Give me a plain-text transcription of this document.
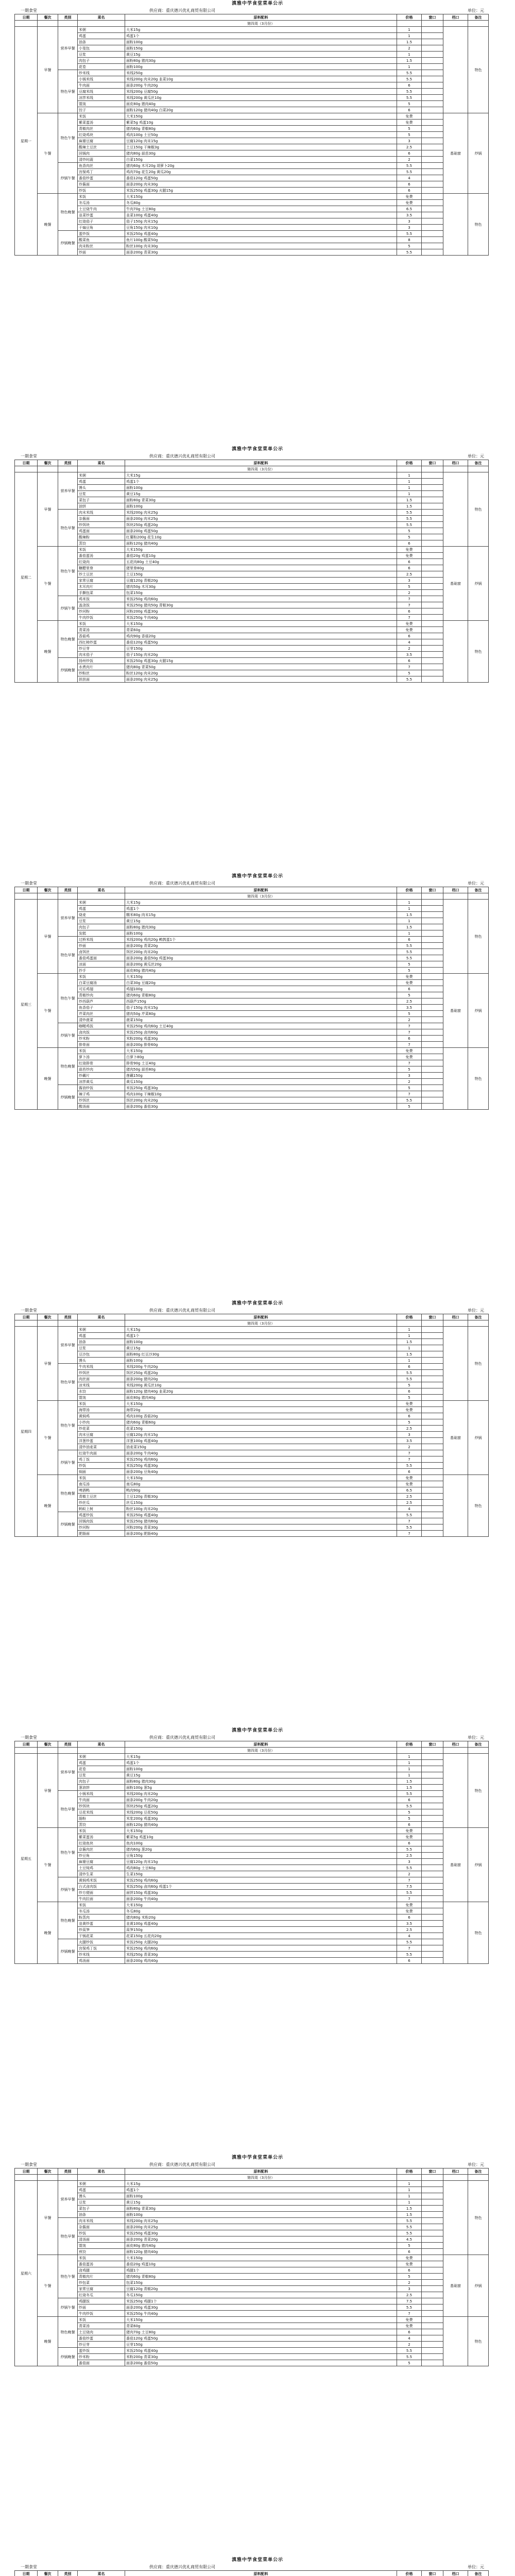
滇雅中学食堂菜单公示
一期食堂	供应商：重庆德兴优礼商贸有限公司	单位：元
日期	餐次	类别	菜名	原料配料	价格	窗口	档口	备注
				第四周（3月份）				
星期一	早餐	营养早餐	米粥	大米15g	1			特色
			鸡蛋	鸡蛋1个	1			
			油条	面粉100g	1.5			
			小笼包	面粉150g	2			
			豆浆	黄豆15g	1			
			肉包子	面粉80g 猪肉30g	1.5			
			花卷	面粉100g	1			
		特色早餐	炒米线	米线250g	5.5			
			小锅米线	米线200g 肉末20g 韭菜10g	5.5			
			牛肉面	面条200g 牛肉20g	6			
			豆腐米线	米线200g 豆腐50g	5.5			
			凉拌米线	米线200g 黄瓜丝10g	5.5			
			馄饨	面皮80g 猪肉40g	5			
			饺子	面粉120g 猪肉40g 白菜20g	6			
	午餐	特色午餐	米饭	大米150g	免费		基础窗	炒锅
			紫菜蛋汤	紫菜5g 鸡蛋10g	免费			
			青椒肉丝	猪肉60g 青椒80g	5			
			红烧鸡块	鸡肉100g 土豆50g	5			
			麻婆豆腐	豆腐120g 肉末15g	3			
			酸辣土豆丝	土豆150g 干辣椒3g	2.5			
			回锅肉	猪肉80g 蒜苗30g	6			
			清炒时蔬	白菜150g	2			
		炒锅午餐	鱼香肉丝	猪肉60g 木耳20g 胡萝卜20g	5.5			
			宫保鸡丁	鸡肉70g 花生20g 黄瓜20g	5.5			
			番茄炒蛋	番茄120g 鸡蛋50g	4			
			炸酱面	面条200g 肉末30g	6			
			炒饭	米饭250g 鸡蛋30g 火腿15g	6			
	晚餐	特色晚餐	米饭	大米150g	免费			特色
			冬瓜汤	冬瓜80g	免费			
			土豆烧牛肉	牛肉70g 土豆80g	6.5			
			韭菜炒蛋	韭菜100g 鸡蛋40g	3.5			
			红烧茄子	茄子150g 肉末15g	3			
			干煸豆角	豆角150g 肉末10g	3			
		炒锅晚餐	蛋炒饭	米饭250g 鸡蛋40g	5.5			
			酸菜鱼	鱼片100g 酸菜50g	8			
			肉末粉丝	粉丝100g 肉末30g	5			
			炒面	面条200g 青菜30g	5.5			
滇雅中学食堂菜单公示
一期食堂	供应商：重庆德兴优礼商贸有限公司	单位：元
日期	餐次	类别	菜名	原料配料	价格	窗口	档口	备注
				第四周（3月份）				
星期二	早餐	营养早餐	米粥	大米15g	1			特色
			鸡蛋	鸡蛋1个	1			
			馒头	面粉100g	1			
			豆浆	黄豆15g	1			
			菜包子	面粉80g 青菜30g	1.5			
			油饼	面粉100g	1.5			
		特色早餐	肉末米线	米线200g 肉末25g	5.5			
			杂酱面	面条200g 肉末25g	5.5			
			炒饵块	饵块250g 鸡蛋20g	5.5			
			鸡蛋面	面条200g 鸡蛋50g	5			
			酸辣粉	红薯粉200g 花生10g	5			
			蒸饺	面粉120g 猪肉40g	6			
	午餐	特色午餐	米饭	大米150g	免费		基础窗	炒锅
			番茄蛋汤	番茄20g 鸡蛋10g	免费			
			红烧肉	五花肉80g 土豆40g	6			
			糖醋里脊	猪里脊80g	6			
			炒土豆丝	土豆150g	2.5			
			家常豆腐	豆腐120g 青椒20g	3			
			木耳肉片	猪肉50g 木耳30g	5			
			手撕包菜	包菜150g	2			
		炒锅午餐	鸡米饭	米饭250g 鸡肉60g	7			
			盖浇饭	米饭250g 猪肉50g 青椒30g	7			
			炒河粉	河粉200g 鸡蛋30g	6			
			牛肉炒饭	米饭250g 牛肉40g	7			
	晚餐	特色晚餐	米饭	大米150g	免费			特色
			青菜汤	青菜60g	免费			
			香菇鸡	鸡肉90g 香菇20g	6			
			西红柿炒蛋	番茄120g 鸡蛋50g	4			
			炒豆芽	豆芽150g	2			
			肉末茄子	茄子150g 肉末20g	3.5			
		炒锅晚餐	扬州炒饭	米饭250g 鸡蛋30g 火腿15g	6			
			水煮肉片	猪肉80g 青菜50g	7			
			炒粉丝	粉丝120g 肉末20g	5			
			担担面	面条200g 肉末25g	5.5			
滇雅中学食堂菜单公示
一期食堂	供应商：重庆德兴优礼商贸有限公司	单位：元
日期	餐次	类别	菜名	原料配料	价格	窗口	档口	备注
				第四周（3月份）				
星期三	早餐	营养早餐	米粥	大米15g	1			特色
			鸡蛋	鸡蛋1个	1			
			烧麦	糯米80g 肉末15g	1.5			
			豆浆	黄豆15g	1			
			肉包子	面粉80g 猪肉30g	1.5			
			发糕	面粉100g	1			
		特色早餐	过桥米线	米线200g 鸡肉20g 鹌鹑蛋1个	6			
			炒面	面条200g 青菜20g	5.5			
			卤饵丝	饵丝200g 肉末20g	5.5			
			番茄鸡蛋面	面条200g 番茄50g 鸡蛋30g	5.5			
			凉面	面条200g 黄瓜丝20g	5			
			抄手	面皮80g 猪肉40g	5			
	午餐	特色午餐	米饭	大米150g	免费		基础窗	炒锅
			白菜豆腐汤	白菜30g 豆腐20g	免费			
			可乐鸡翅	鸡翅100g	6			
			青椒炒肉	猪肉60g 青椒80g	5			
			炒西葫芦	西葫芦150g	2.5			
			鱼香茄子	茄子150g 肉末15g	3.5			
			芹菜肉丝	猪肉50g 芹菜80g	5			
			清炒菠菜	菠菜150g	2			
		炒锅午餐	咖喱鸡饭	米饭250g 鸡肉60g 土豆40g	7			
			卤肉饭	米饭250g 卤肉60g	7			
			炒米粉	米粉200g 鸡蛋30g	6			
			排骨面	面条200g 排骨60g	7			
	晚餐	特色晚餐	米饭	大米150g	免费			特色
			萝卜汤	白萝卜80g	免费			
			红烧排骨	排骨90g 土豆40g	7			
			蒜苔炒肉	猪肉50g 蒜苔80g	5			
			炒藕片	莲藕150g	3			
			凉拌黄瓜	黄瓜150g	2			
		炒锅晚餐	酱油炒饭	米饭250g 鸡蛋30g	5			
			辣子鸡	鸡肉100g 干辣椒10g	7			
			炒饵丝	饵丝200g 肉末20g	5.5			
			酸汤面	面条200g 番茄30g	5			
滇雅中学食堂菜单公示
一期食堂	供应商：重庆德兴优礼商贸有限公司	单位：元
日期	餐次	类别	菜名	原料配料	价格	窗口	档口	备注
				第四周（3月份）				
星期四	早餐	营养早餐	米粥	大米15g	1			特色
			鸡蛋	鸡蛋1个	1			
			油条	面粉100g	1.5			
			豆浆	黄豆15g	1			
			豆沙包	面粉80g 红豆沙30g	1.5			
			馒头	面粉100g	1			
		特色早餐	牛肉米线	米线200g 牛肉20g	6			
			炒饵丝	饵丝250g 鸡蛋20g	5.5			
			肉丝面	面条200g 猪肉20g	5.5			
			凉米线	米线200g 黄瓜丝10g	5			
			水饺	面粉120g 猪肉40g 韭菜20g	6			
			馄饨	面皮80g 猪肉40g	5			
	午餐	特色午餐	米饭	大米150g	免费		基础窗	炒锅
			海带汤	海带20g	免费			
			黄焖鸡	鸡肉100g 香菇20g	6			
			小炒肉	猪肉60g 青椒60g	5			
			炒花菜	花菜150g	2.5			
			肉末豆腐	豆腐120g 肉末15g	3			
			洋葱炒蛋	洋葱100g 鸡蛋40g	3.5			
			清炒油麦菜	油麦菜150g	2			
		炒锅午餐	红烧牛肉面	面条200g 牛肉40g	7			
			鸡丁饭	米饭250g 鸡肉60g	7			
			炒饭	米饭250g 鸡蛋30g	5.5			
			焖面	面条200g 豆角40g	6			
	晚餐	特色晚餐	米饭	大米150g	免费			特色
			南瓜汤	南瓜80g	免费			
			啤酒鸭	鸭肉90g	6.5			
			青椒土豆丝	土豆120g 青椒30g	2.5			
			炒丝瓜	丝瓜150g	2.5			
			蚂蚁上树	粉丝100g 肉末20g	4			
		炒锅晚餐	鸡蛋炒饭	米饭250g 鸡蛋40g	5.5			
			回锅肉饭	米饭250g 猪肉60g	7			
			炒河粉	河粉200g 青菜30g	5.5			
			肥肠面	面条200g 肥肠40g	7			
滇雅中学食堂菜单公示
一期食堂	供应商：重庆德兴优礼商贸有限公司	单位：元
日期	餐次	类别	菜名	原料配料	价格	窗口	档口	备注
				第四周（3月份）				
星期五	早餐	营养早餐	米粥	大米15g	1			特色
			鸡蛋	鸡蛋1个	1			
			花卷	面粉100g	1			
			豆浆	黄豆15g	1			
			肉包子	面粉80g 猪肉30g	1.5			
			葱油饼	面粉100g 葱5g	1.5			
		特色早餐	小锅米线	米线200g 肉末20g	5.5			
			牛肉面	面条200g 牛肉20g	6			
			炒饵块	饵块250g 鸡蛋20g	5.5			
			豆花米线	米线200g 豆花50g	5			
			肠粉	米浆200g 鸡蛋30g	5			
			蒸饺	面粉120g 猪肉40g	6			
	午餐	特色午餐	米饭	大米150g	免费		基础窗	炒锅
			紫菜蛋汤	紫菜5g 鸡蛋10g	免费			
			红烧鱼块	鱼肉100g	6			
			京酱肉丝	猪肉60g 葱20g	5.5			
			炒豆角	豆角150g	2.5			
			麻婆豆腐	豆腐120g 肉末15g	3			
			土豆炖鸡	鸡肉80g 土豆60g	5.5			
			清炒生菜	生菜150g	2			
		炒锅午餐	黄焖鸡米饭	米饭250g 鸡肉60g	7			
			台式卤肉饭	米饭250g 卤肉60g 鸡蛋1个	7.5			
			炒方便面	面饼150g 鸡蛋30g	5.5			
			牛肉拉面	面条200g 牛肉40g	7			
	晚餐	特色晚餐	米饭	大米150g	免费			特色
			冬瓜汤	冬瓜80g	免费			
			粉蒸肉	猪肉80g 米粉20g	6			
			韭黄炒蛋	韭黄100g 鸡蛋40g	3.5			
			炒莴笋	莴笋150g	2.5			
			干锅花菜	花菜150g 五花肉20g	4			
		炒锅晚餐	火腿炒饭	米饭250g 火腿20g	5.5			
			宫保鸡丁饭	米饭250g 鸡肉60g	7			
			炒米线	米线250g 青菜30g	5.5			
			鸡汤面	面条200g 鸡肉40g	6			
滇雅中学食堂菜单公示
一期食堂	供应商：重庆德兴优礼商贸有限公司	单位：元
日期	餐次	类别	菜名	原料配料	价格	窗口	档口	备注
				第四周（3月份）				
星期六	早餐	营养早餐	米粥	大米15g	1			特色
			鸡蛋	鸡蛋1个	1			
			馒头	面粉100g	1			
			豆浆	黄豆15g	1			
			菜包子	面粉80g 青菜30g	1.5			
			油条	面粉100g	1.5			
		特色早餐	肉末米线	米线200g 肉末25g	5.5			
			杂酱面	面条200g 肉末25g	5.5			
			炒饭	米饭250g 鸡蛋30g	5.5			
			清汤面	面条200g 青菜20g	4.5			
			馄饨	面皮80g 猪肉40g	5			
			煎饺	面粉120g 猪肉40g	6			
	午餐	特色午餐	米饭	大米150g	免费		基础窗	炒锅
			番茄蛋汤	番茄20g 鸡蛋10g	免费			
			卤鸡腿	鸡腿1个	6			
			青椒肉片	猪肉60g 青椒80g	5			
			炒包菜	包菜150g	2			
			家常豆腐	豆腐120g 青椒20g	3			
			红烧冬瓜	冬瓜150g	2.5			
		炒锅午餐	鸡腿饭	米饭250g 鸡腿1个	7.5			
			炒面	面条200g 鸡蛋30g	5.5			
			牛肉炒饭	米饭250g 牛肉40g	7			
	晚餐	特色晚餐	米饭	大米150g	免费			特色
			青菜汤	青菜60g	免费			
			土豆烧肉	猪肉70g 土豆80g	6			
			番茄炒蛋	番茄120g 鸡蛋50g	4			
			炒豆芽	豆芽150g	2			
		炒锅晚餐	蛋炒饭	米饭250g 鸡蛋40g	5.5			
			炒米粉	米粉200g 青菜30g	5.5			
			番茄面	面条200g 番茄50g	5			
滇雅中学食堂菜单公示
一期食堂	供应商：重庆德兴优礼商贸有限公司	单位：元
日期	餐次	类别	菜名	原料配料	价格	窗口	档口	备注
